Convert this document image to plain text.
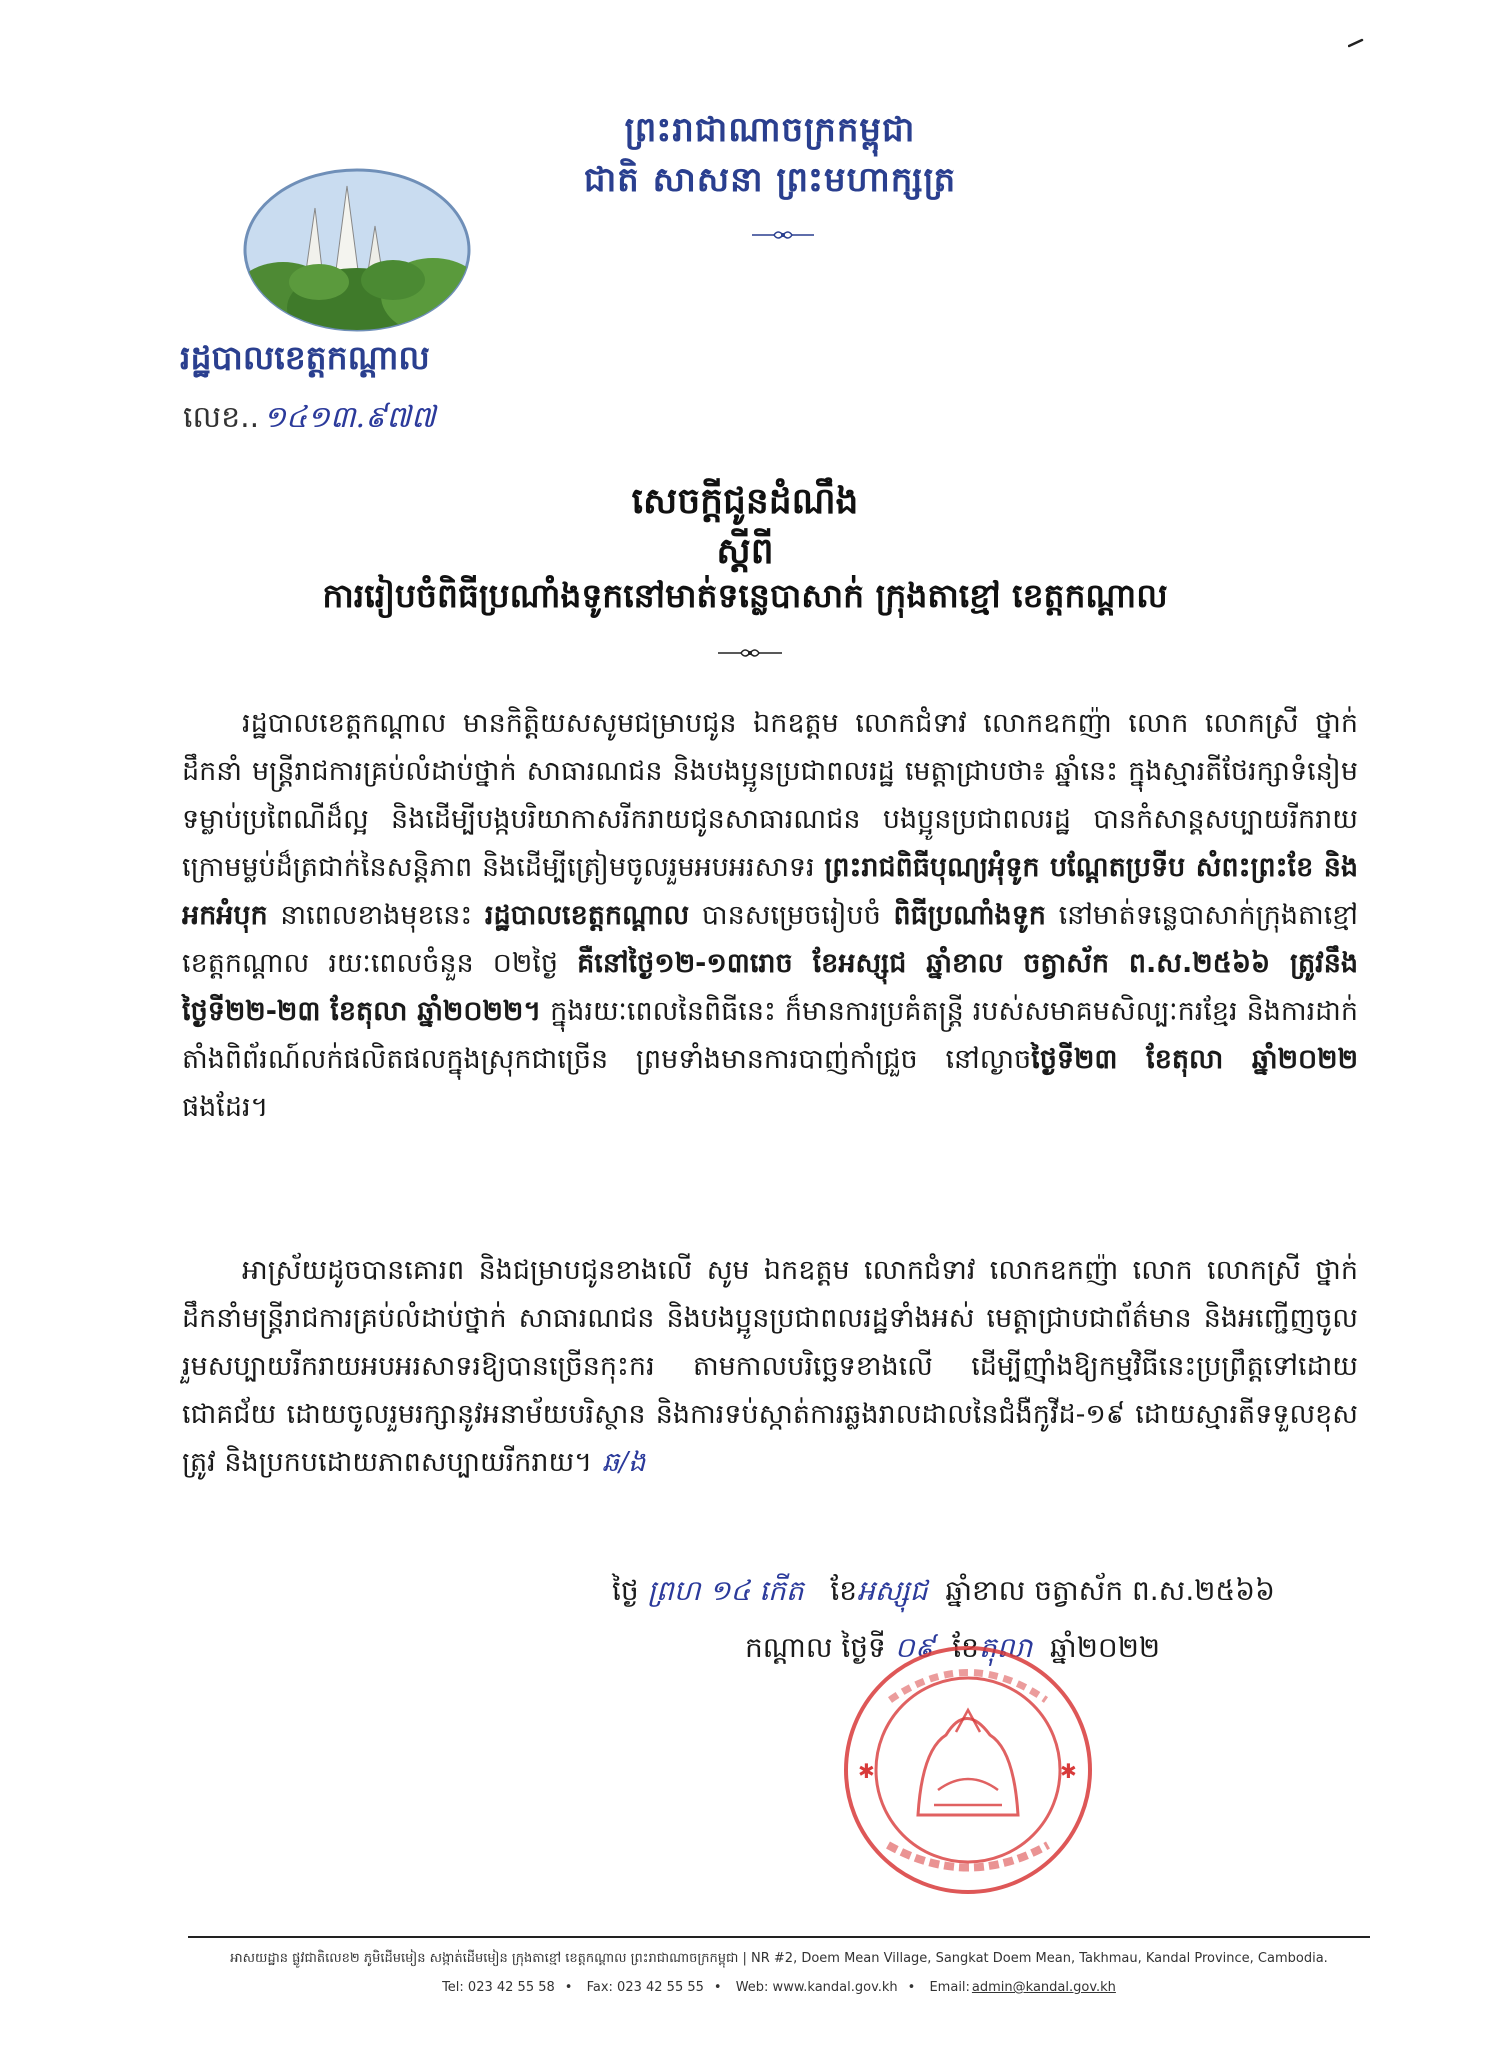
ព្រះរាជាណាចក្រកម្ពុជា
ជាតិ សាសនា ព្រះមហាក្សត្រ
រដ្ឋបាលខេត្តកណ្ដាល
លេខ.. ១៤១៣.៩៧៧
សេចក្ដីជូនដំណឹង
ស្ដីពី
ការរៀបចំពិធីប្រណាំងទូកនៅមាត់ទន្លេបាសាក់ ក្រុងតាខ្មៅ ខេត្តកណ្ដាល
រដ្ឋបាលខេត្តកណ្ដាល មានកិត្តិយសសូមជម្រាបជូន ឯកឧត្តម លោកជំទាវ លោកឧកញ៉ា លោក លោកស្រី ថ្នាក់ដឹកនាំ មន្ត្រីរាជការគ្រប់លំដាប់ថ្នាក់ សាធារណជន និងបងប្អូនប្រជាពលរដ្ឋ មេត្តាជ្រាបថា៖ ឆ្នាំនេះ ក្នុងស្មារតីថែរក្សាទំនៀមទម្លាប់ប្រពៃណីដ៏ល្អ និងដើម្បីបង្កបរិយាកាសរីករាយជូនសាធារណជន បងប្អូនប្រជាពលរដ្ឋ បានកំសាន្តសប្បាយរីករាយក្រោមម្លប់ដ៏ត្រជាក់នៃសន្តិភាព និងដើម្បីត្រៀមចូលរួមអបអរសាទរ ព្រះរាជពិធីបុណ្យអុំទូក បណ្តែតប្រទីប សំពះព្រះខែ និងអកអំបុក នាពេលខាងមុខនេះ រដ្ឋបាលខេត្តកណ្ដាល បានសម្រេចរៀបចំ ពិធីប្រណាំងទូក នៅមាត់ទន្លេបាសាក់ក្រុងតាខ្មៅ ខេត្តកណ្ដាល រយៈពេលចំនួន ០២ថ្ងៃ គឺនៅថ្ងៃ១២-១៣រោច ខែអស្សុជ ឆ្នាំខាល ចត្វាស័ក ព.ស.២៥៦៦ ត្រូវនឹងថ្ងៃទី២២-២៣ ខែតុលា ឆ្នាំ២០២២។ ក្នុងរយៈពេលនៃពិធីនេះ ក៏មានការប្រគំតន្ត្រី របស់សមាគមសិល្បៈករខ្មែរ និងការដាក់តាំងពិព័រណ៍លក់ផលិតផលក្នុងស្រុកជាច្រើន ព្រមទាំងមានការបាញ់កាំជ្រួច នៅល្ងាចថ្ងៃទី២៣ ខែតុលា ឆ្នាំ២០២២ ផងដែរ។
អាស្រ័យដូចបានគោរព និងជម្រាបជូនខាងលើ សូម ឯកឧត្តម លោកជំទាវ លោកឧកញ៉ា លោក លោកស្រី ថ្នាក់ដឹកនាំមន្ត្រីរាជការគ្រប់លំដាប់ថ្នាក់ សាធារណជន និងបងប្អូនប្រជាពលរដ្ឋទាំងអស់ មេត្តាជ្រាបជាព័ត៌មាន និងអញ្ជើញចូលរួមសប្បាយរីករាយអបអរសាទរឱ្យបានច្រើនកុះករ តាមកាលបរិច្ឆេទខាងលើ ដើម្បីញ៉ាំងឱ្យកម្មវិធីនេះប្រព្រឹត្តទៅដោយជោគជ័យ ដោយចូលរួមរក្សានូវអនាម័យបរិស្ថាន និងការទប់ស្កាត់ការឆ្លងរាលដាលនៃជំងឺកូវីដ-១៩ ដោយស្មារតីទទួលខុសត្រូវ និងប្រកបដោយភាពសប្បាយរីករាយ។ ឆ/ង
ថ្ងៃ ព្រហ ១៤ កើត ខែអស្សុជ ឆ្នាំខាល ចត្វាស័ក ព.ស.២៥៦៦
កណ្ដាល ថ្ងៃទី ០៩ ខែតុលា ឆ្នាំ២០២២
✱	✱
អាសយដ្ឋាន ផ្លូវជាតិលេខ២ ភូមិដើមមៀន សង្កាត់ដើមមៀន ក្រុងតាខ្មៅ ខេត្តកណ្ដាល ព្រះរាជាណាចក្រកម្ពុជា | NR #2, Doem Mean Village, Sangkat Doem Mean, Takhmau, Kandal Province, Cambodia.
Tel: 023 42 55 58 • Fax: 023 42 55 55 • Web: www.kandal.gov.kh • Email: admin@kandal.gov.kh
